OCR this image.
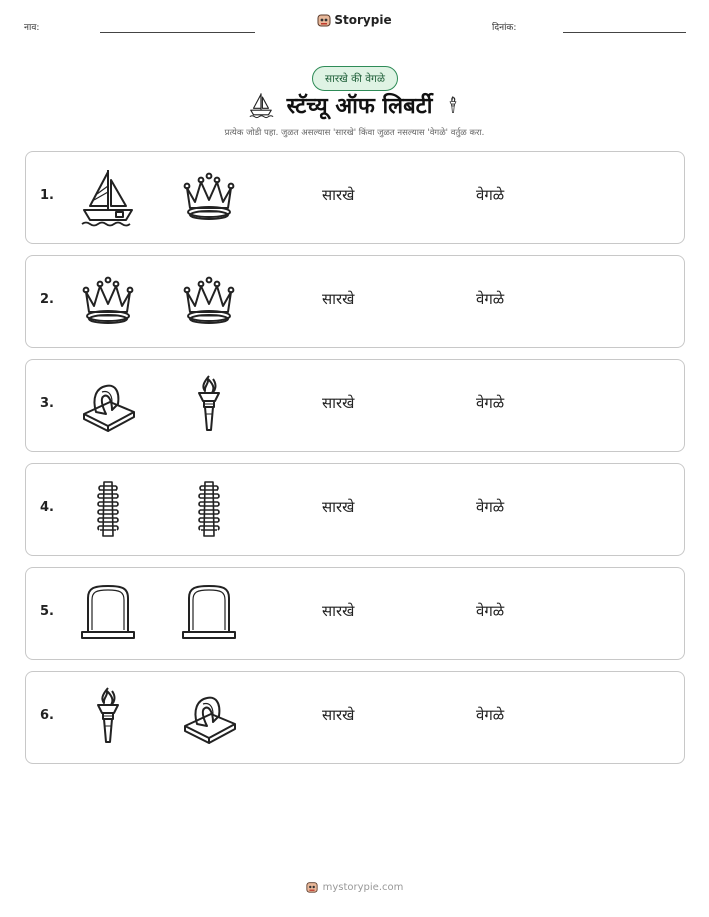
नाव:
Storypie
दिनांक:
सारखे की वेगळे
स्टॅच्यू ऑफ लिबर्टी
प्रत्येक जोडी पहा. जुळत असल्यास 'सारखे' किंवा जुळत नसल्यास 'वेगळे' वर्तुळ करा.
1.	सारखे	वेगळे
2.	सारखे	वेगळे
3.	सारखे	वेगळे
4.	सारखे	वेगळे
5.	सारखे	वेगळे
6.	सारखे	वेगळे
mystorypie.com
